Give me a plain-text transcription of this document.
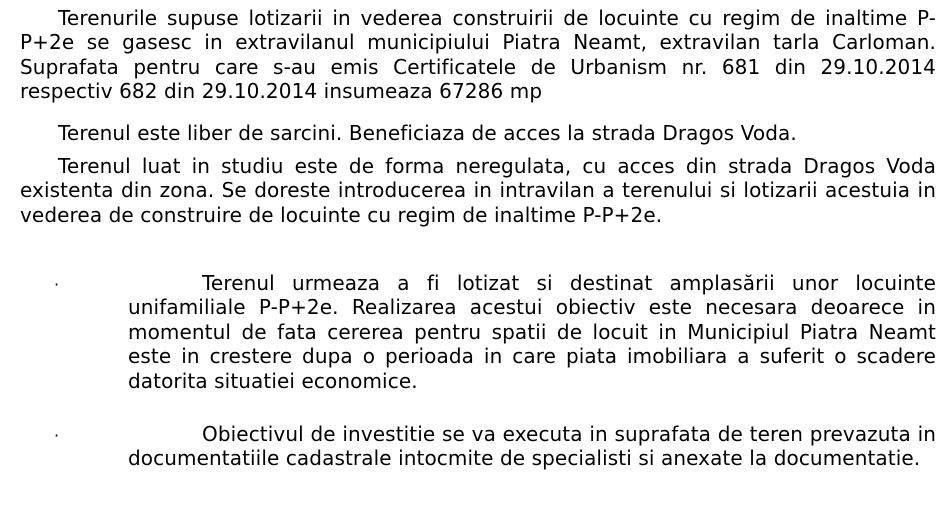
Terenurile supuse lotizarii in vederea construirii de locuinte cu regim de inaltime P-P+2e se gasesc in extravilanul municipiului Piatra Neamt, extravilan tarla Carloman. Suprafata pentru care s-au emis Certificatele de Urbanism nr. 681 din 29.10.2014 respectiv 682 din 29.10.2014 insumeaza 67286 mp

Terenul este liber de sarcini. Beneficiaza de acces la strada Dragos Voda.

Terenul luat in studiu este de forma neregulata, cu acces din strada Dragos Voda existenta din zona. Se doreste introducerea in intravilan a terenului si lotizarii acestuia in vederea de construire de locuinte cu regim de inaltime P-P+2e.

·	Terenul urmeaza a fi lotizat si destinat amplasării unor locuinte unifamiliale P-P+2e. Realizarea acestui obiectiv este necesara deoarece in momentul de fata cererea pentru spatii de locuit in Municipiul Piatra Neamt este in crestere dupa o perioada in care piata imobiliara a suferit o scadere datorita situatiei economice.

·	Obiectivul de investitie se va executa in suprafata de teren prevazuta in documentatiile cadastrale intocmite de specialisti si anexate la documentatie.
